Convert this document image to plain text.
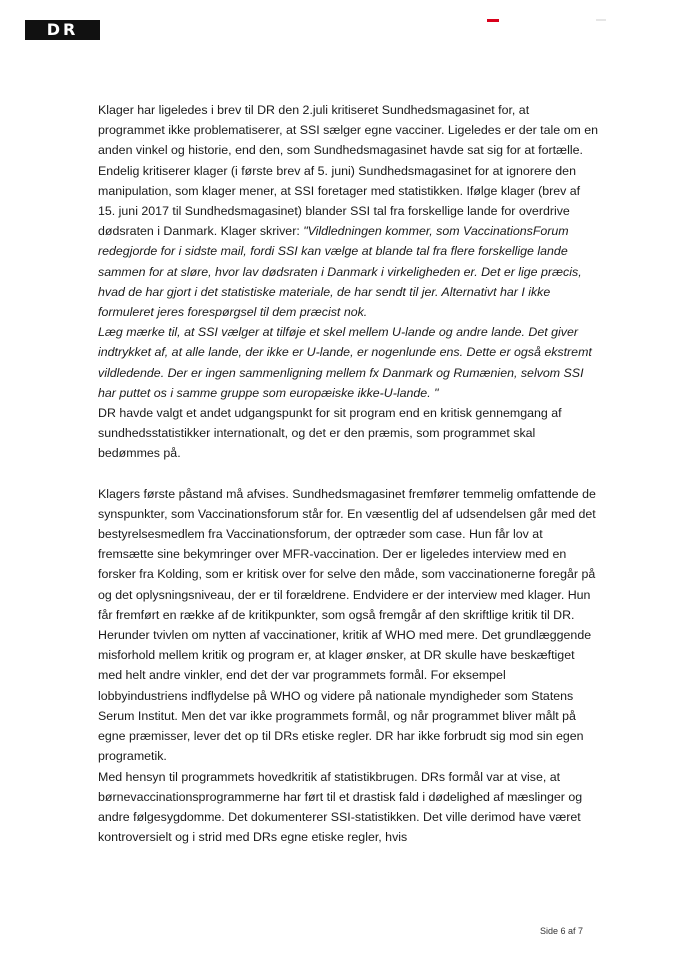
DR

Klager har ligeledes i brev til DR den 2.juli kritiseret Sundhedsmagasinet for, at programmet ikke problematiserer, at SSI sælger egne vacciner. Ligeledes er der tale om en anden vinkel og historie, end den, som Sundhedsmagasinet havde sat sig for at fortælle. Endelig kritiserer klager (i første brev af 5. juni) Sundhedsmagasinet for at ignorere den manipulation, som klager mener, at SSI foretager med statistikken. Ifølge klager (brev af 15. juni 2017 til Sundhedsmagasinet) blander SSI tal fra forskellige lande for overdrive dødsraten i Danmark. Klager skriver: "Vildledningen kommer, som VaccinationsForum redegjorde for i sidste mail, fordi SSI kan vælge at blande tal fra flere forskellige lande sammen for at sløre, hvor lav dødsraten i Danmark i virkeligheden er. Det er lige præcis, hvad de har gjort i det statistiske materiale, de har sendt til jer. Alternativt har I ikke formuleret jeres forespørgsel til dem præcist nok.
Læg mærke til, at SSI vælger at tilføje et skel mellem U-lande og andre lande. Det giver indtrykket af, at alle lande, der ikke er U-lande, er nogenlunde ens. Dette er også ekstremt vildledende. Der er ingen sammenligning mellem fx Danmark og Rumænien, selvom SSI har puttet os i samme gruppe som europæiske ikke-U-lande. "
DR havde valgt et andet udgangspunkt for sit program end en kritisk gennemgang af sundhedsstatistikker internationalt, og det er den præmis, som programmet skal bedømmes på.

Klagers første påstand må afvises. Sundhedsmagasinet fremfører temmelig omfattende de synspunkter, som Vaccinationsforum står for. En væsentlig del af udsendelsen går med det bestyrelsesmedlem fra Vaccinationsforum, der optræder som case. Hun får lov at fremsætte sine bekymringer over MFR-vaccination. Der er ligeledes interview med en forsker fra Kolding, som er kritisk over for selve den måde, som vaccinationerne foregår på og det oplysningsniveau, der er til forældrene. Endvidere er der interview med klager. Hun får fremført en række af de kritikpunkter, som også fremgår af den skriftlige kritik til DR. Herunder tvivlen om nytten af vaccinationer, kritik af WHO med mere. Det grundlæggende misforhold mellem kritik og program er, at klager ønsker, at DR skulle have beskæftiget med helt andre vinkler, end det der var programmets formål. For eksempel lobbyindustriens indflydelse på WHO og videre på nationale myndigheder som Statens Serum Institut. Men det var ikke programmets formål, og når programmet bliver målt på egne præmisser, lever det op til DRs etiske regler. DR har ikke forbrudt sig mod sin egen programetik.

Med hensyn til programmets hovedkritik af statistikbrugen. DRs formål var at vise, at børnevaccinationsprogrammerne har ført til et drastisk fald i dødelighed af mæslinger og andre følgesygdomme. Det dokumenterer SSI-statistikken. Det ville derimod have været kontroversielt og i strid med DRs egne etiske regler, hvis

Side 6 af 7
